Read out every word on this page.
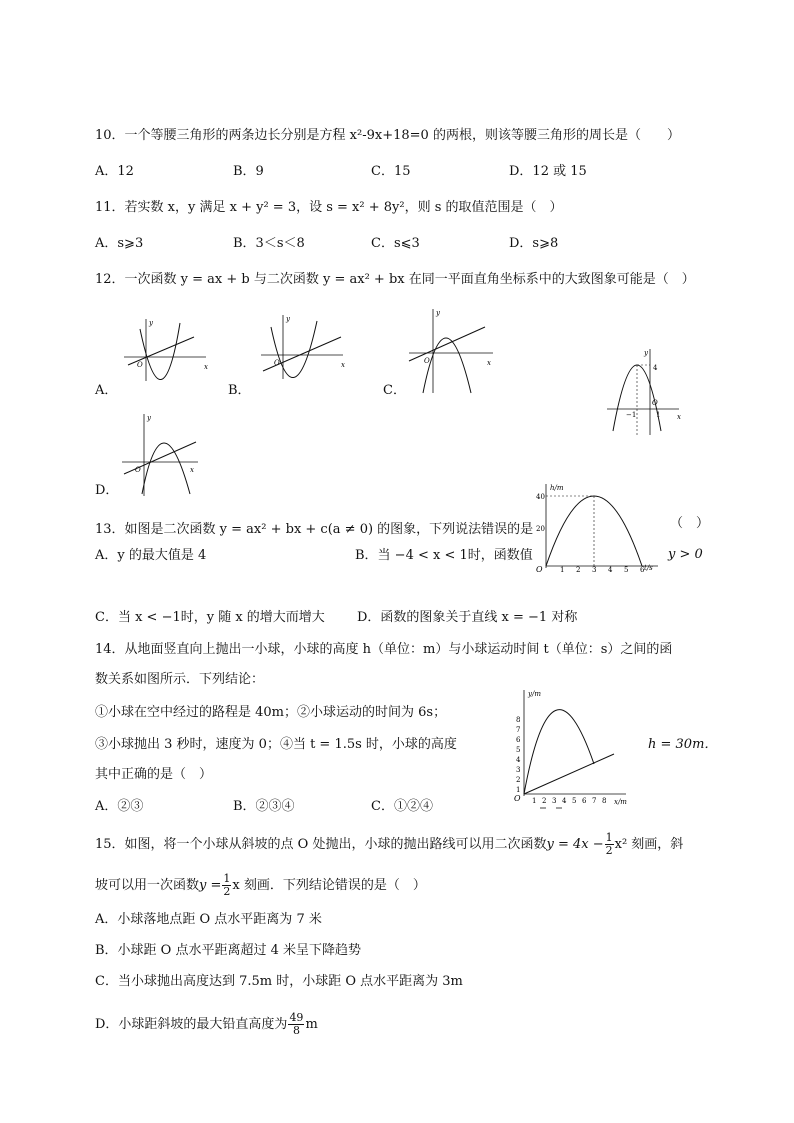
10．一个等腰三角形的两条边长分别是方程 x²-9x+18=0 的两根，则该等腰三角形的周长是（　　）
A．12	B．9	C．15	D．12 或 15
11．若实数 x，y 满足 x + y² = 3，设 s = x² + 8y²，则 s 的取值范围是（　）
A．s⩾3	B．3＜s＜8	C．s⩽3	D．s⩾8
12．一次函数 y = ax + b 与二次函数 y = ax² + bx 在同一平面直角坐标系中的大致图象可能是（　）
A．
y
x
O
B．
y
x
O
C．
y
x
O
y
x
O
4
−1	1
D．
y
x
O
13．如图是二次函数 y = ax² + bx + c(a ≠ 0) 的图象，下列说法错误的是	（　）
A．y 的最大值是 4	B．当 −4 < x < 1时，函数值	y > 0
C．当 x < −1时，y 随 x 的增大而增大 D．函数的图象关于直线 x = −1 对称
h/m
t/s
O
40
20
1 2 3 4 5 6
14．从地面竖直向上抛出一小球，小球的高度 h（单位：m）与小球运动时间 t（单位：s）之间的函
数关系如图所示．下列结论：
①小球在空中经过的路程是 40m；②小球运动的时间为 6s；
③小球抛出 3 秒时，速度为 0；④当 t = 1.5s 时，小球的高度	h = 30m．
其中正确的是（　）
A．②③	B．②③④	C．①②④
y/m
x/m
O
8
7
6
5
4
3
2
1
1 2 3 4 5 6 7 8
15．如图，将一个小球从斜坡的点 O 处抛出，小球的抛出路线可以用二次函数$y = 4x - \frac{1}{2} x^2$ 刻画，斜
坡可以用一次函数$y = \frac{1}{2}$ x 刻画．下列结论错误的是（　）
A．小球落地点距 O 点水平距离为 7 米
B．小球距 O 点水平距离超过 4 米呈下降趋势
C．当小球抛出高度达到 7.5m 时，小球距 O 点水平距离为 3m
D．小球距斜坡的最大铅直高度为 $\frac{49}{8}$ m
